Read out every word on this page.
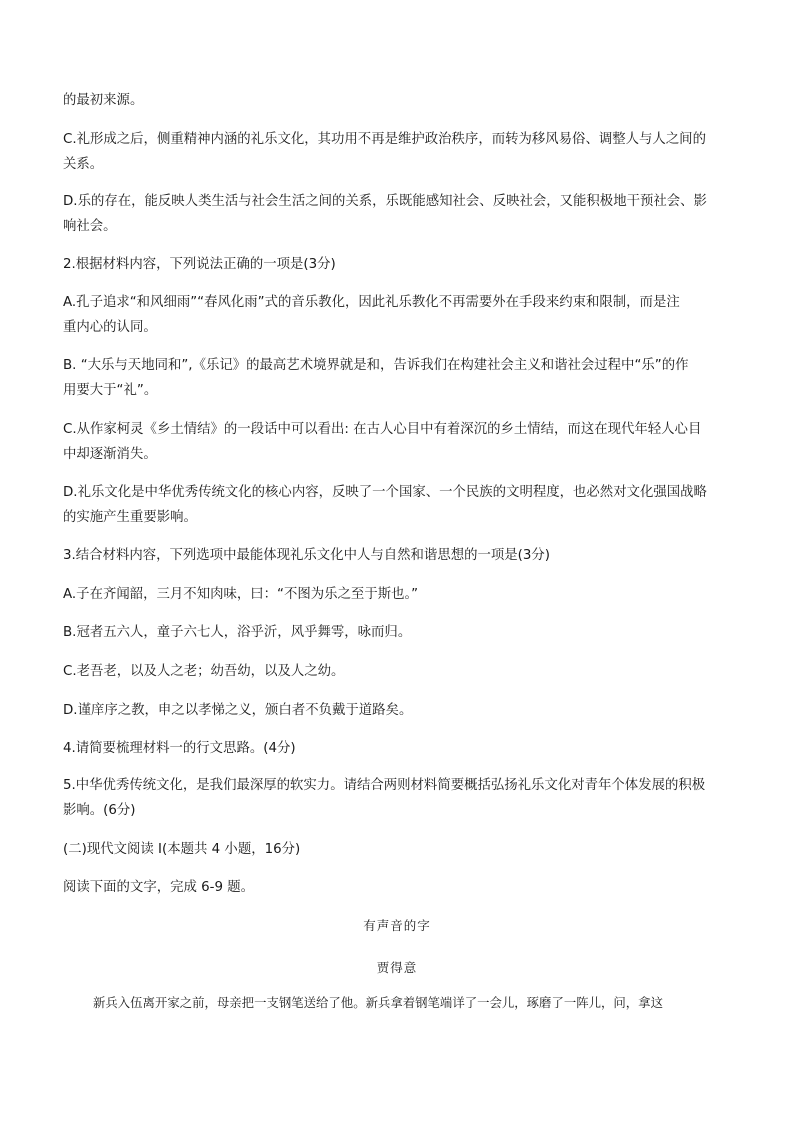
的最初来源。
C.礼形成之后，侧重精神内涵的礼乐文化，其功用不再是维护政治秩序，而转为移风易俗、调整人与人之间的
关系。
D.乐的存在，能反映人类生活与社会生活之间的关系，乐既能感知社会、反映社会，又能积极地干预社会、影
响社会。
2.根据材料内容，下列说法正确的一项是(3分)
A.孔子追求“和风细雨”“春风化雨”式的音乐教化，因此礼乐教化不再需要外在手段来约束和限制，而是注
重内心的认同。
B. “大乐与天地同和”,《乐记》的最高艺术境界就是和，告诉我们在构建社会主义和谐社会过程中“乐”的作
用要大于“礼”。
C.从作家柯灵《乡土情结》的一段话中可以看出: 在古人心目中有着深沉的乡土情结，而这在现代年轻人心目
中却逐渐消失。
D.礼乐文化是中华优秀传统文化的核心内容，反映了一个国家、一个民族的文明程度，也必然对文化强国战略
的实施产生重要影响。
3.结合材料内容，下列选项中最能体现礼乐文化中人与自然和谐思想的一项是(3分)
A.子在齐闻韶，三月不知肉味，曰：“不图为乐之至于斯也。”
B.冠者五六人，童子六七人，浴乎沂，风乎舞雩，咏而归。
C.老吾老，以及人之老；幼吾幼，以及人之幼。
D.谨庠序之教，申之以孝悌之义，颁白者不负戴于道路矣。
4.请简要梳理材料一的行文思路。(4分)
5.中华优秀传统文化，是我们最深厚的软实力。请结合两则材料简要概括弘扬礼乐文化对青年个体发展的积极
影响。(6分)
(二)现代文阅读 I(本题共 4 小题，16分)
阅读下面的文字，完成 6-9 题。
有声音的字
贾得意
新兵入伍离开家之前，母亲把一支钢笔送给了他。新兵拿着钢笔端详了一会儿，琢磨了一阵儿，问，拿这
